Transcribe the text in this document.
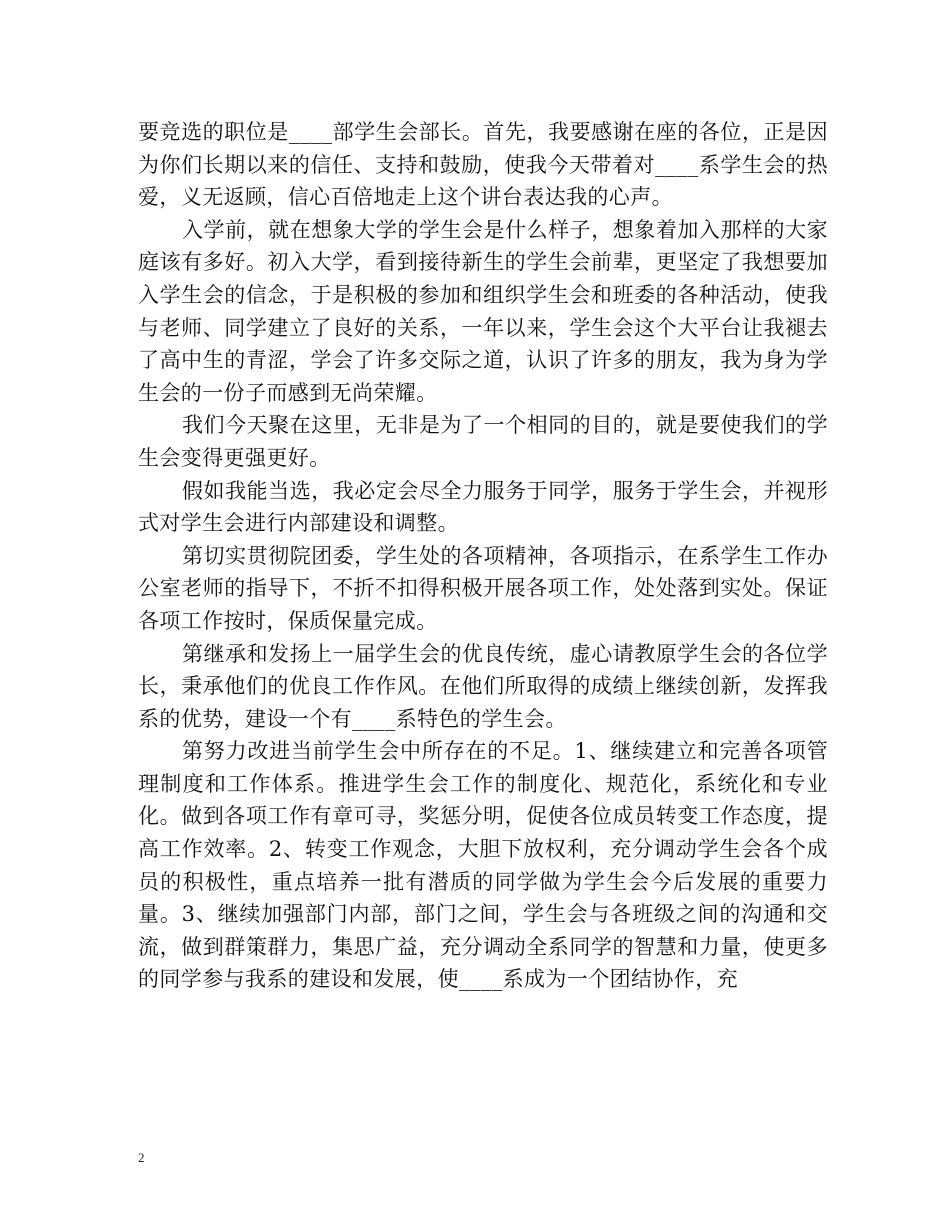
要竞选的职位是____部学生会部长。首先，我要感谢在座的各位，正是因为你们长期以来的信任、支持和鼓励，使我今天带着对____系学生会的热爱，义无返顾，信心百倍地走上这个讲台表达我的心声。

入学前，就在想象大学的学生会是什么样子，想象着加入那样的大家庭该有多好。初入大学，看到接待新生的学生会前辈，更坚定了我想要加入学生会的信念，于是积极的参加和组织学生会和班委的各种活动，使我与老师、同学建立了良好的关系，一年以来，学生会这个大平台让我褪去了高中生的青涩，学会了许多交际之道，认识了许多的朋友，我为身为学生会的一份子而感到无尚荣耀。

我们今天聚在这里，无非是为了一个相同的目的，就是要使我们的学生会变得更强更好。

假如我能当选，我必定会尽全力服务于同学，服务于学生会，并视形式对学生会进行内部建设和调整。

第切实贯彻院团委，学生处的各项精神，各项指示，在系学生工作办公室老师的指导下，不折不扣得积极开展各项工作，处处落到实处。保证各项工作按时，保质保量完成。

第继承和发扬上一届学生会的优良传统，虚心请教原学生会的各位学长，秉承他们的优良工作作风。在他们所取得的成绩上继续创新，发挥我系的优势，建设一个有____系特色的学生会。

第努力改进当前学生会中所存在的不足。1、继续建立和完善各项管理制度和工作体系。推进学生会工作的制度化、规范化，系统化和专业化。做到各项工作有章可寻，奖惩分明，促使各位成员转变工作态度，提高工作效率。2、转变工作观念，大胆下放权利，充分调动学生会各个成员的积极性，重点培养一批有潜质的同学做为学生会今后发展的重要力量。3、继续加强部门内部，部门之间，学生会与各班级之间的沟通和交流，做到群策群力，集思广益，充分调动全系同学的智慧和力量，使更多的同学参与我系的建设和发展，使____系成为一个团结协作，充

2
